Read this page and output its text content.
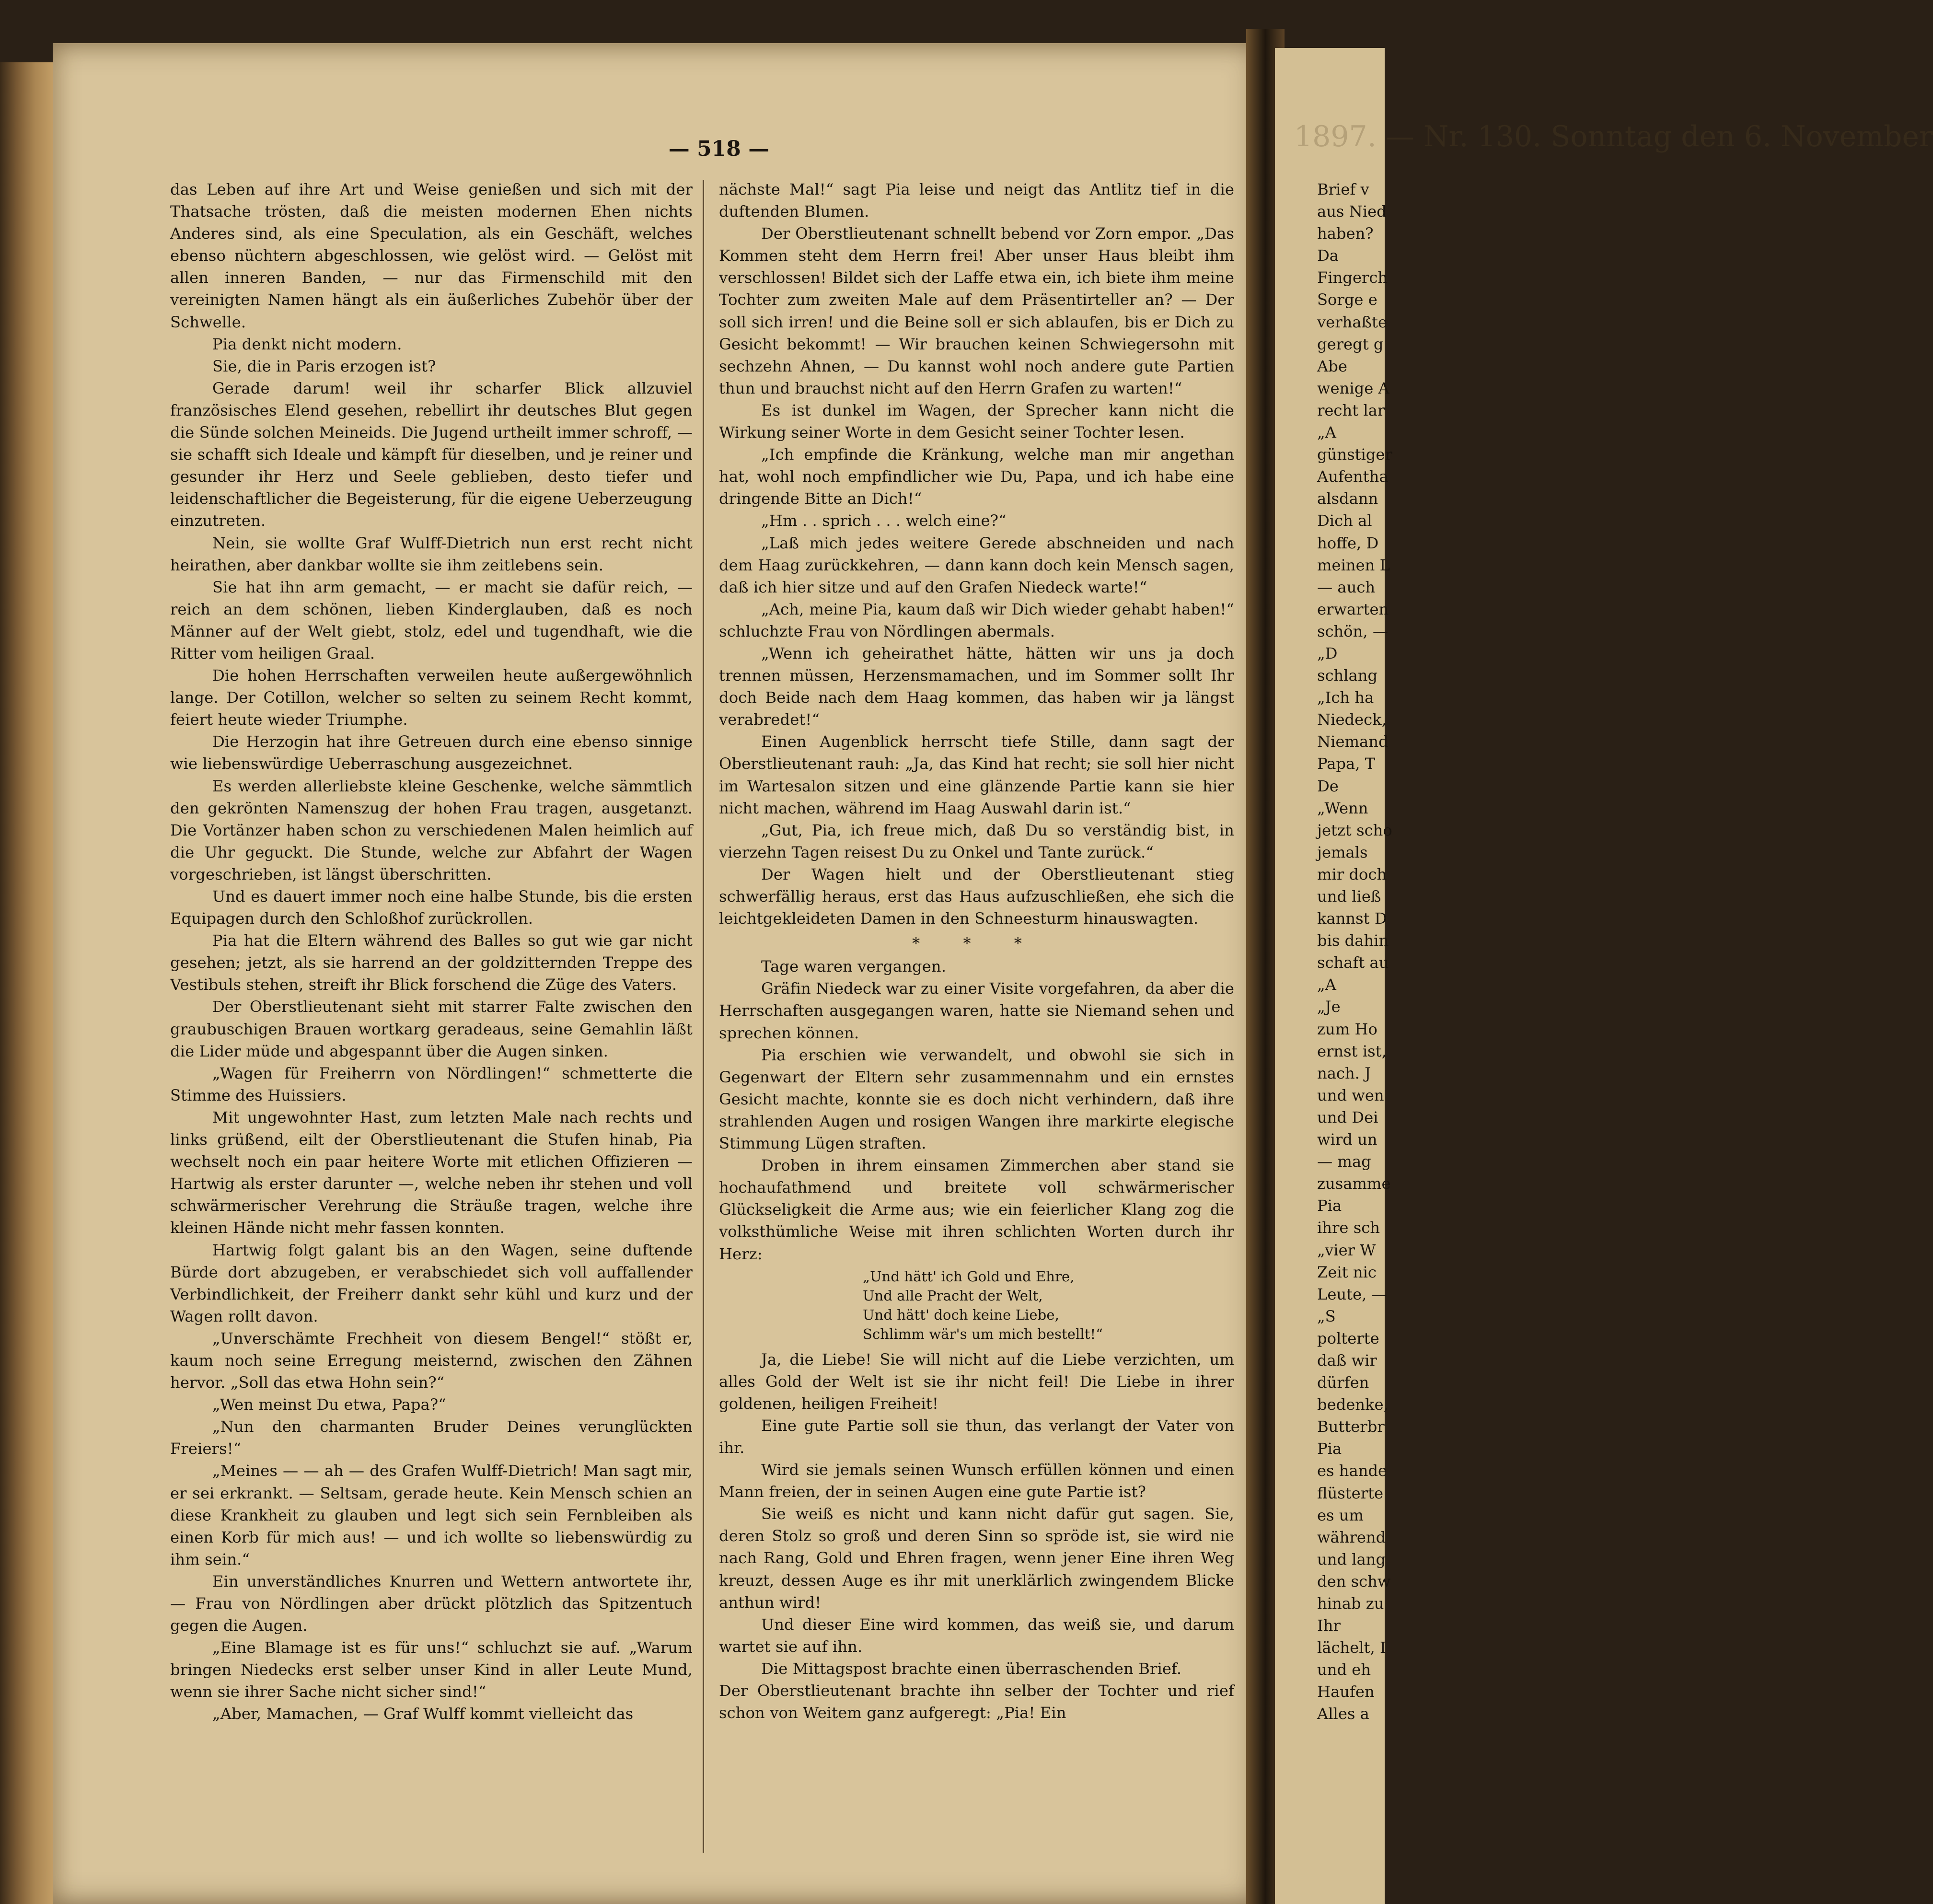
1897. — Nr. 130. Sonntag den 6. November
— 518 —

das Leben auf ihre Art und Weise genießen und sich mit der Thatsache trösten, daß die meisten modernen Ehen nichts Anderes sind, als eine Speculation, als ein Geschäft, welches ebenso nüchtern abgeschlossen, wie gelöst wird. — Gelöst mit allen inneren Banden, — nur das Firmenschild mit den vereinigten Namen hängt als ein äußerliches Zubehör über der Schwelle.

Pia denkt nicht modern.

Sie, die in Paris erzogen ist?

Gerade darum! weil ihr scharfer Blick allzuviel französisches Elend gesehen, rebellirt ihr deutsches Blut gegen die Sünde solchen Meineids. Die Jugend urtheilt immer schroff, — sie schafft sich Ideale und kämpft für dieselben, und je reiner und gesunder ihr Herz und Seele geblieben, desto tiefer und leidenschaftlicher die Begeisterung, für die eigene Ueberzeugung einzutreten.

Nein, sie wollte Graf Wulff-Dietrich nun erst recht nicht heirathen, aber dankbar wollte sie ihm zeitlebens sein.

Sie hat ihn arm gemacht, — er macht sie dafür reich, — reich an dem schönen, lieben Kinderglauben, daß es noch Männer auf der Welt giebt, stolz, edel und tugendhaft, wie die Ritter vom heiligen Graal.

Die hohen Herrschaften verweilen heute außergewöhnlich lange. Der Cotillon, welcher so selten zu seinem Recht kommt, feiert heute wieder Triumphe.

Die Herzogin hat ihre Getreuen durch eine ebenso sinnige wie liebenswürdige Ueberraschung ausgezeichnet.

Es werden allerliebste kleine Geschenke, welche sämmtlich den gekrönten Namenszug der hohen Frau tragen, ausgetanzt. Die Vortänzer haben schon zu verschiedenen Malen heimlich auf die Uhr geguckt. Die Stunde, welche zur Abfahrt der Wagen vorgeschrieben, ist längst überschritten.

Und es dauert immer noch eine halbe Stunde, bis die ersten Equipagen durch den Schloßhof zurückrollen.

Pia hat die Eltern während des Balles so gut wie gar nicht gesehen; jetzt, als sie harrend an der goldzitternden Treppe des Vestibuls stehen, streift ihr Blick forschend die Züge des Vaters.

Der Oberstlieutenant sieht mit starrer Falte zwischen den graubuschigen Brauen wortkarg geradeaus, seine Gemahlin läßt die Lider müde und abgespannt über die Augen sinken.

„Wagen für Freiherrn von Nördlingen!“ schmetterte die Stimme des Huissiers.

Mit ungewohnter Hast, zum letzten Male nach rechts und links grüßend, eilt der Oberstlieutenant die Stufen hinab, Pia wechselt noch ein paar heitere Worte mit etlichen Offizieren — Hartwig als erster darunter —, welche neben ihr stehen und voll schwärmerischer Verehrung die Sträuße tragen, welche ihre kleinen Hände nicht mehr fassen konnten.

Hartwig folgt galant bis an den Wagen, seine duftende Bürde dort abzugeben, er verabschiedet sich voll auffallender Verbindlichkeit, der Freiherr dankt sehr kühl und kurz und der Wagen rollt davon.

„Unverschämte Frechheit von diesem Bengel!“ stößt er, kaum noch seine Erregung meisternd, zwischen den Zähnen hervor. „Soll das etwa Hohn sein?“

„Wen meinst Du etwa, Papa?“

„Nun den charmanten Bruder Deines verunglückten Freiers!“

„Meines — — ah — des Grafen Wulff-Dietrich! Man sagt mir, er sei erkrankt. — Seltsam, gerade heute. Kein Mensch schien an diese Krankheit zu glauben und legt sich sein Fernbleiben als einen Korb für mich aus! — und ich wollte so liebenswürdig zu ihm sein.“

Ein unverständliches Knurren und Wettern antwortete ihr, — Frau von Nördlingen aber drückt plötzlich das Spitzentuch gegen die Augen.

„Eine Blamage ist es für uns!“ schluchzt sie auf. „Warum bringen Niedecks erst selber unser Kind in aller Leute Mund, wenn sie ihrer Sache nicht sicher sind!“

„Aber, Mamachen, — Graf Wulff kommt vielleicht das

nächste Mal!“ sagt Pia leise und neigt das Antlitz tief in die duftenden Blumen.

Der Oberstlieutenant schnellt bebend vor Zorn empor. „Das Kommen steht dem Herrn frei! Aber unser Haus bleibt ihm verschlossen! Bildet sich der Laffe etwa ein, ich biete ihm meine Tochter zum zweiten Male auf dem Präsentirteller an? — Der soll sich irren! und die Beine soll er sich ablaufen, bis er Dich zu Gesicht bekommt! — Wir brauchen keinen Schwiegersohn mit sechzehn Ahnen, — Du kannst wohl noch andere gute Partien thun und brauchst nicht auf den Herrn Grafen zu warten!“

Es ist dunkel im Wagen, der Sprecher kann nicht die Wirkung seiner Worte in dem Gesicht seiner Tochter lesen.

„Ich empfinde die Kränkung, welche man mir angethan hat, wohl noch empfindlicher wie Du, Papa, und ich habe eine dringende Bitte an Dich!“

„Hm . . sprich . . . welch eine?“

„Laß mich jedes weitere Gerede abschneiden und nach dem Haag zurückkehren, — dann kann doch kein Mensch sagen, daß ich hier sitze und auf den Grafen Niedeck warte!“

„Ach, meine Pia, kaum daß wir Dich wieder gehabt haben!“ schluchzte Frau von Nördlingen abermals.

„Wenn ich geheirathet hätte, hätten wir uns ja doch trennen müssen, Herzensmamachen, und im Sommer sollt Ihr doch Beide nach dem Haag kommen, das haben wir ja längst verabredet!“

Einen Augenblick herrscht tiefe Stille, dann sagt der Oberstlieutenant rauh: „Ja, das Kind hat recht; sie soll hier nicht im Wartesalon sitzen und eine glänzende Partie kann sie hier nicht machen, während im Haag Auswahl darin ist.“

„Gut, Pia, ich freue mich, daß Du so verständig bist, in vierzehn Tagen reisest Du zu Onkel und Tante zurück.“

Der Wagen hielt und der Oberstlieutenant stieg schwerfällig heraus, erst das Haus aufzuschließen, ehe sich die leichtgekleideten Damen in den Schneesturm hinauswagten.

* * *

Tage waren vergangen.

Gräfin Niedeck war zu einer Visite vorgefahren, da aber die Herrschaften ausgegangen waren, hatte sie Niemand sehen und sprechen können.

Pia erschien wie verwandelt, und obwohl sie sich in Gegenwart der Eltern sehr zusammennahm und ein ernstes Gesicht machte, konnte sie es doch nicht verhindern, daß ihre strahlenden Augen und rosigen Wangen ihre markirte elegische Stimmung Lügen straften.

Droben in ihrem einsamen Zimmerchen aber stand sie hochaufathmend und breitete voll schwärmerischer Glückseligkeit die Arme aus; wie ein feierlicher Klang zog die volksthümliche Weise mit ihren schlichten Worten durch ihr Herz:

„Und hätt' ich Gold und Ehre,
Und alle Pracht der Welt,
Und hätt' doch keine Liebe,
Schlimm wär's um mich bestellt!“

Ja, die Liebe! Sie will nicht auf die Liebe verzichten, um alles Gold der Welt ist sie ihr nicht feil! Die Liebe in ihrer goldenen, heiligen Freiheit!

Eine gute Partie soll sie thun, das verlangt der Vater von ihr.

Wird sie jemals seinen Wunsch erfüllen können und einen Mann freien, der in seinen Augen eine gute Partie ist?

Sie weiß es nicht und kann nicht dafür gut sagen. Sie, deren Stolz so groß und deren Sinn so spröde ist, sie wird nie nach Rang, Gold und Ehren fragen, wenn jener Eine ihren Weg kreuzt, dessen Auge es ihr mit unerklärlich zwingendem Blicke anthun wird!

Und dieser Eine wird kommen, das weiß sie, und darum wartet sie auf ihn.

Die Mittagspost brachte einen überraschenden Brief.

Der Oberstlieutenant brachte ihn selber der Tochter und rief schon von Weitem ganz aufgeregt: „Pia! Ein

Brief v
aus Nied
haben?
Da
Fingerch
Sorge e
verhaßte
geregt g
Abe
wenige A
recht lar
„A
günstiger
Aufentha
alsdann
Dich al
hoffe, D
meinen L
— auch
erwarten
schön, —
„D
schlang
„Ich ha
Niedeck,
Niemand
Papa, T
De
„Wenn
jetzt scho
jemals
mir doch
und ließ
kannst D
bis dahin
schaft au
„A
„Je
zum Ho
ernst ist,
nach. J
und wen
und Dei
wird un
— mag
zusamme
Pia
ihre sch
„vier W
Zeit nic
Leute, —
„S
polterte
daß wir
dürfen
bedenke,
Butterbr
Pia
es hande
flüsterte
es um
während
und lang
den schw
hinab zu
Ihr
lächelt, I
und eh
Haufen
Alles a
